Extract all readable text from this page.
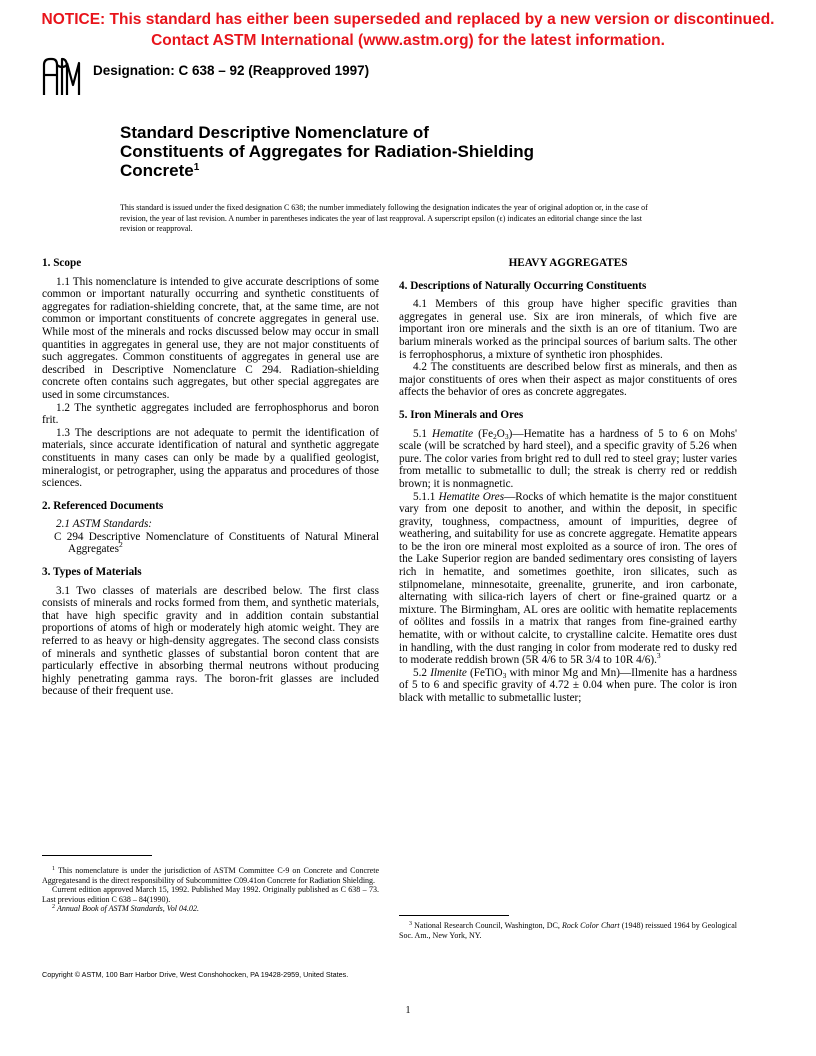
NOTICE: This standard has either been superseded and replaced by a new version or discontinued.
Contact ASTM International (www.astm.org) for the latest information.
Designation: C 638 – 92 (Reapproved 1997)
Standard Descriptive Nomenclature of
Constituents of Aggregates for Radiation-Shielding
Concrete$^1$
This standard is issued under the fixed designation C 638; the number immediately following the designation indicates the year of original adoption or, in the case of revision, the year of last revision. A number in parentheses indicates the year of last reapproval. A superscript epsilon (ϵ) indicates an editorial change since the last revision or reapproval.
1. Scope

1.1 This nomenclature is intended to give accurate descriptions of some common or important naturally occurring and synthetic constituents of aggregates for radiation-shielding concrete, that, at the same time, are not common or important constituents of concrete aggregates in general use. While most of the minerals and rocks discussed below may occur in small quantities in aggregates in general use, they are not major constituents of such aggregates. Common constituents of aggregates in general use are described in Descriptive Nomenclature C 294. Radiation-shielding concrete often contains such aggregates, but other special aggregates are used in some circumstances.

1.2 The synthetic aggregates included are ferrophosphorus and boron frit.

1.3 The descriptions are not adequate to permit the identification of materials, since accurate identification of natural and synthetic aggregate constituents in many cases can only be made by a qualified geologist, mineralogist, or petrographer, using the apparatus and procedures of those sciences.

2. Referenced Documents

2.1 ASTM Standards:

C 294 Descriptive Nomenclature of Constituents of Natural Mineral Aggregates$^2$

3. Types of Materials

3.1 Two classes of materials are described below. The first class consists of minerals and rocks formed from them, and synthetic materials, that have high specific gravity and in addition contain substantial proportions of atoms of high or moderately high atomic weight. They are referred to as heavy or high-density aggregates. The second class consists of minerals and synthetic glasses of substantial boron content that are particularly effective in absorbing thermal neutrons without producing highly penetrating gamma rays. The boron-frit glasses are included because of their frequent use.

$^1$ This nomenclature is under the jurisdiction of ASTM Committee C-9 on Concrete and Concrete Aggregatesand is the direct responsibility of Subcommittee C09.41on Concrete for Radiation Shielding.

Current edition approved March 15, 1992. Published May 1992. Originally published as C 638 – 73. Last previous edition C 638 – 84(1990).

$^2$ Annual Book of ASTM Standards, Vol 04.02.

HEAVY AGGREGATES
4. Descriptions of Naturally Occurring Constituents

4.1 Members of this group have higher specific gravities than aggregates in general use. Six are iron minerals, of which five are important iron ore minerals and the sixth is an ore of titanium. Two are barium minerals worked as the principal sources of barium salts. The other is ferrophosphorus, a mixture of synthetic iron phosphides.

4.2 The constituents are described below first as minerals, and then as major constituents of ores when their aspect as major constituents of ores affects the behavior of ores as concrete aggregates.

5. Iron Minerals and Ores

5.1 Hematite $(Fe_2O_3)—Hematite$ has a hardness of 5 to 6 on Mohs' scale (will be scratched by hard steel), and a specific gravity of 5.26 when pure. The color varies from bright red to dull red to steel gray; luster varies from metallic to submetallic to dull; the streak is cherry red or reddish brown; it is nonmagnetic.

5.1.1 Hematite Ores—Rocks of which hematite is the major constituent vary from one deposit to another, and within the deposit, in specific gravity, toughness, compactness, amount of impurities, degree of weathering, and suitability for use as concrete aggregate. Hematite appears to be the iron ore mineral most exploited as a source of iron. The ores of the Lake Superior region are banded sedimentary ores consisting of layers rich in hematite, and sometimes goethite, iron silicates, such as stilpnomelane, minnesotaite, greenalite, grunerite, and iron carbonate, alternating with silica-rich layers of chert or fine-grained quartz or a mixture. The Birmingham, AL ores are oolitic with hematite replacements of oölites and fossils in a matrix that ranges from fine-grained earthy hematite, with or without calcite, to crystalline calcite. Hematite ores dust in handling, with the dust ranging in color from moderate red to dusky red to moderate reddish brown (5R 4/6 to 5R 3/4 to 10R 4/6).$^3$

5.2 Ilmenite (FeTiO$_3$ with minor Mg and Mn)—Ilmenite has a hardness of 5 to 6 and specific gravity of 4.72 ± 0.04 when pure. The color is iron black with metallic to submetallic luster;

$^3$ National Research Council, Washington, DC, Rock Color Chart (1948) reissued 1964 by Geological Soc. Am., New York, NY.

Copyright © ASTM, 100 Barr Harbor Drive, West Conshohocken, PA 19428-2959, United States.
1
